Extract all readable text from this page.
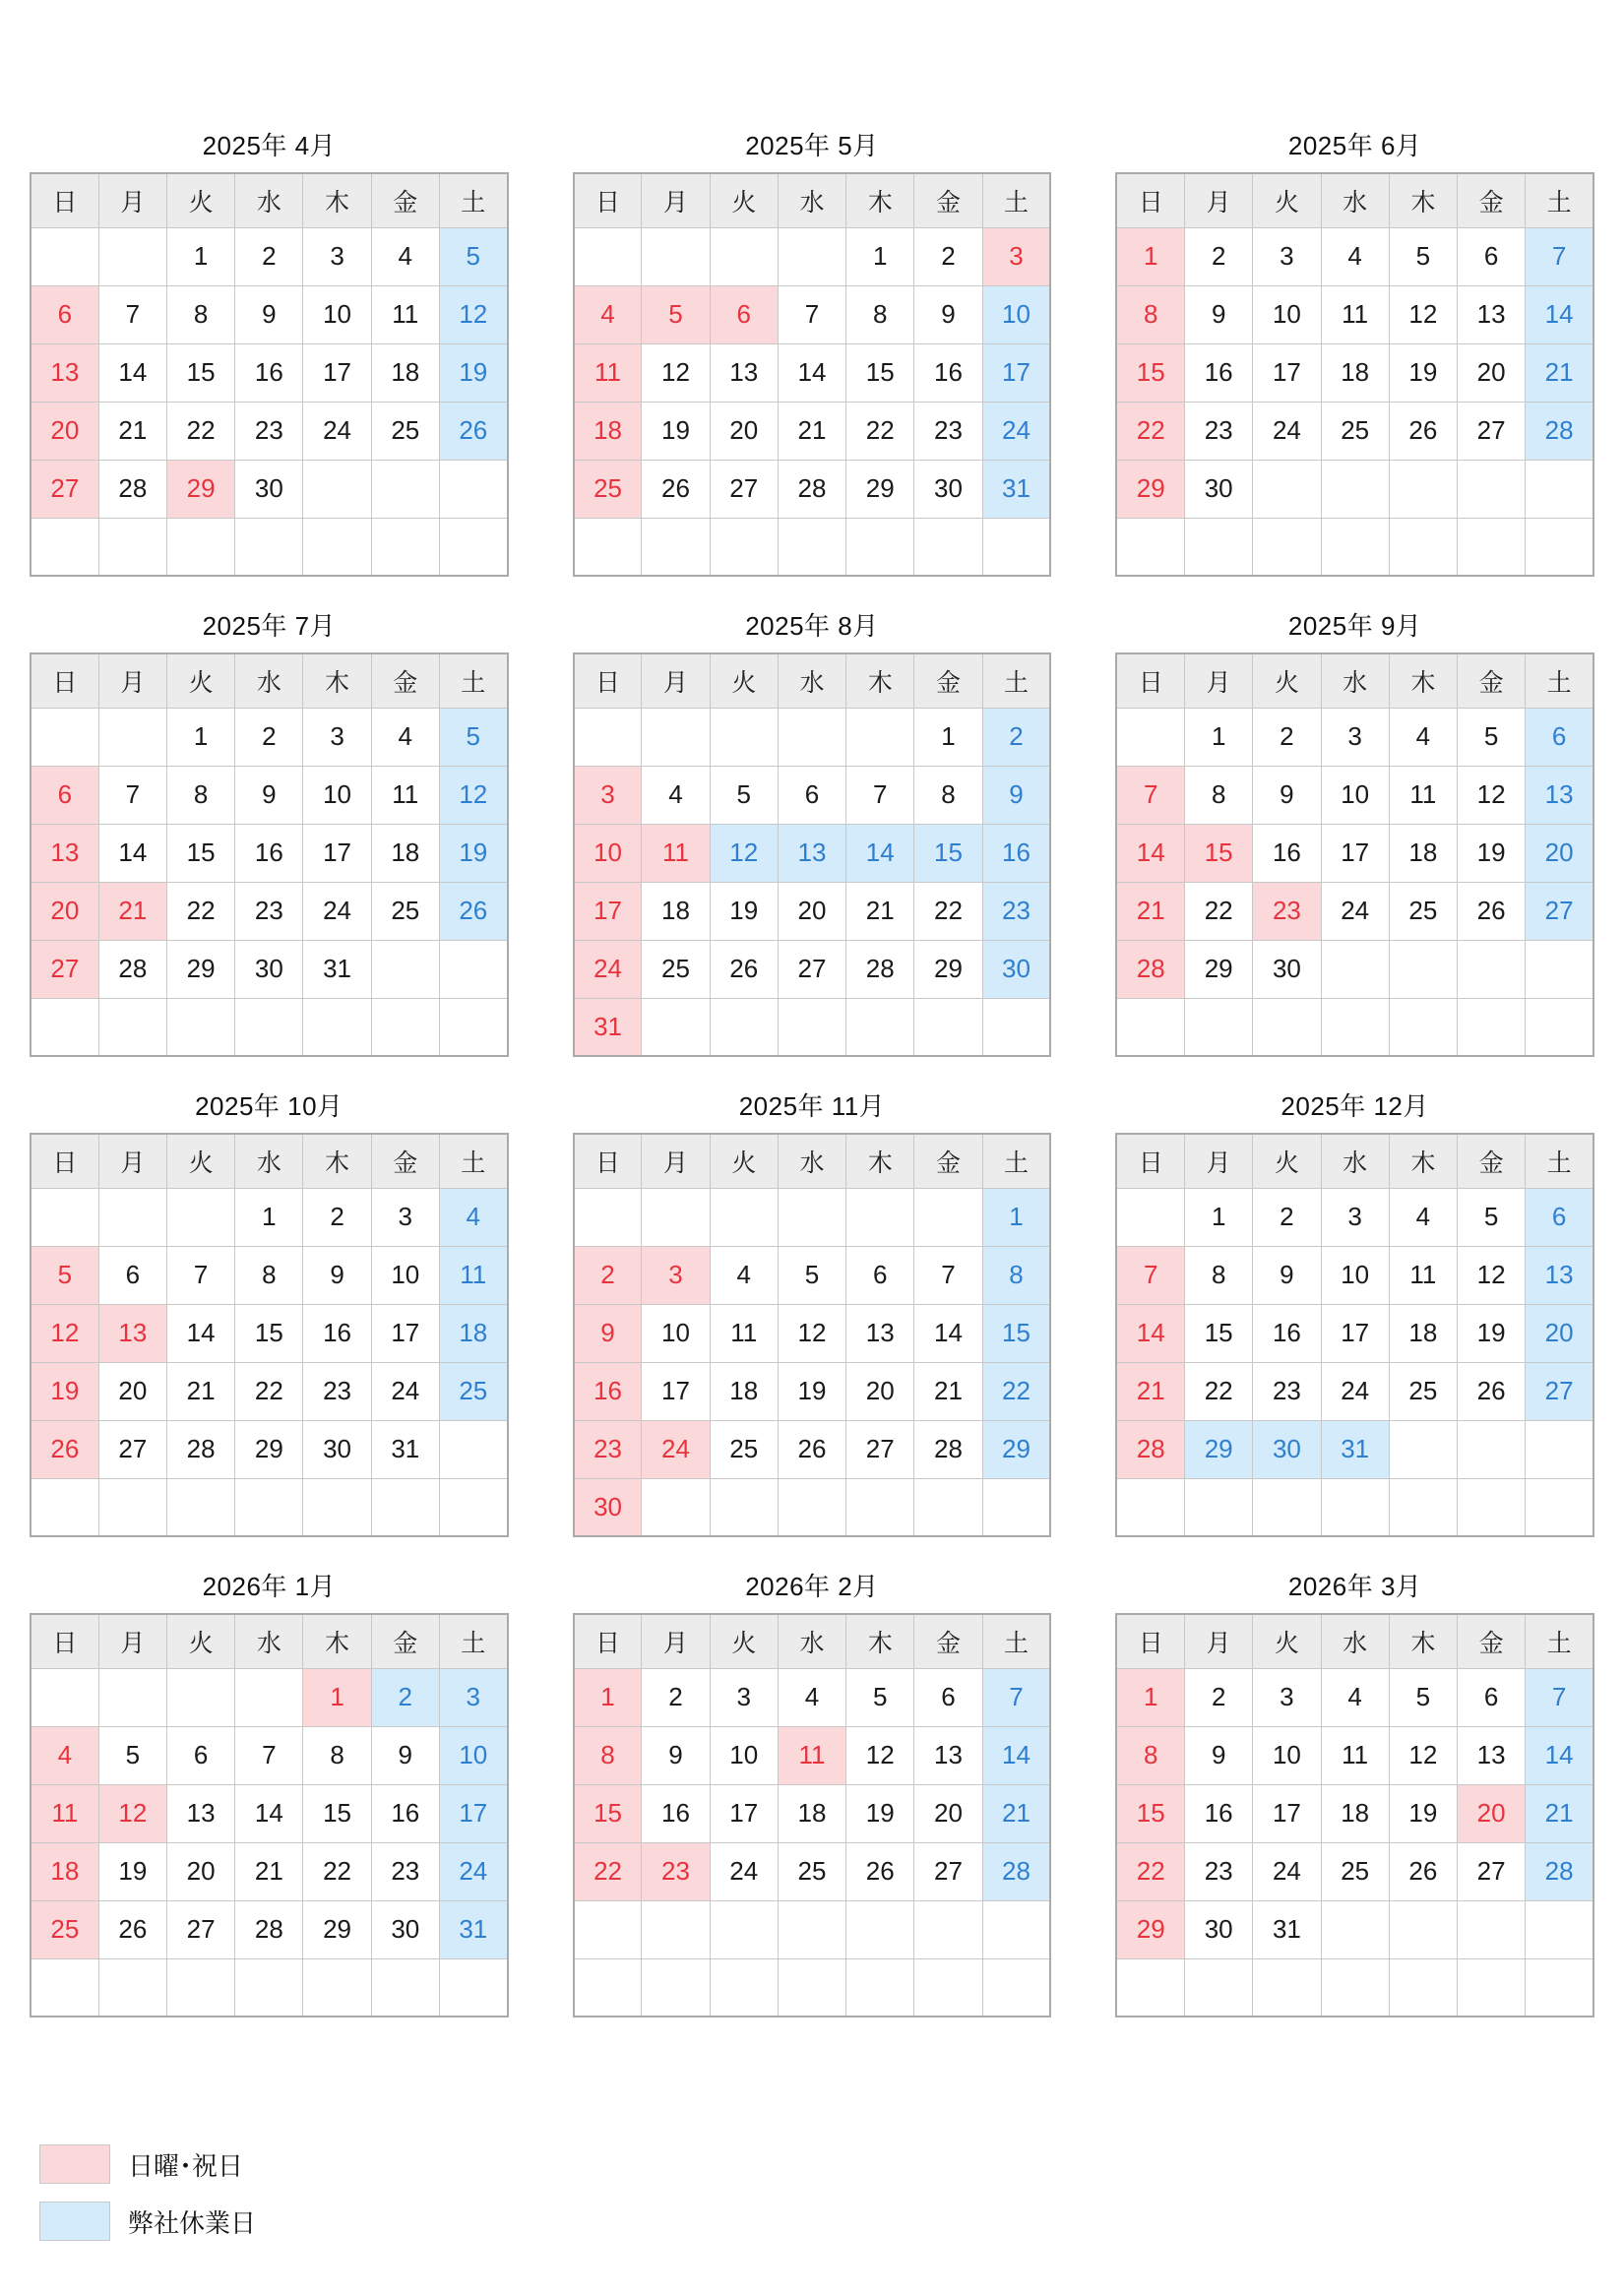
2025年 4月
日	月	火	水	木	金	土
		1	2	3	4	5
6	7	8	9	10	11	12
13	14	15	16	17	18	19
20	21	22	23	24	25	26
27	28	29	30			

2025年 5月
日	月	火	水	木	金	土
				1	2	3
4	5	6	7	8	9	10
11	12	13	14	15	16	17
18	19	20	21	22	23	24
25	26	27	28	29	30	31

2025年 6月
日	月	火	水	木	金	土
1	2	3	4	5	6	7
8	9	10	11	12	13	14
15	16	17	18	19	20	21
22	23	24	25	26	27	28
29	30					

2025年 7月
日	月	火	水	木	金	土
		1	2	3	4	5
6	7	8	9	10	11	12
13	14	15	16	17	18	19
20	21	22	23	24	25	26
27	28	29	30	31		

2025年 8月
日	月	火	水	木	金	土
					1	2
3	4	5	6	7	8	9
10	11	12	13	14	15	16
17	18	19	20	21	22	23
24	25	26	27	28	29	30
31						
2025年 9月
日	月	火	水	木	金	土
	1	2	3	4	5	6
7	8	9	10	11	12	13
14	15	16	17	18	19	20
21	22	23	24	25	26	27
28	29	30				

2025年 10月
日	月	火	水	木	金	土
			1	2	3	4
5	6	7	8	9	10	11
12	13	14	15	16	17	18
19	20	21	22	23	24	25
26	27	28	29	30	31	

2025年 11月
日	月	火	水	木	金	土
						1
2	3	4	5	6	7	8
9	10	11	12	13	14	15
16	17	18	19	20	21	22
23	24	25	26	27	28	29
30						
2025年 12月
日	月	火	水	木	金	土
	1	2	3	4	5	6
7	8	9	10	11	12	13
14	15	16	17	18	19	20
21	22	23	24	25	26	27
28	29	30	31			

2026年 1月
日	月	火	水	木	金	土
				1	2	3
4	5	6	7	8	9	10
11	12	13	14	15	16	17
18	19	20	21	22	23	24
25	26	27	28	29	30	31

2026年 2月
日	月	火	水	木	金	土
1	2	3	4	5	6	7
8	9	10	11	12	13	14
15	16	17	18	19	20	21
22	23	24	25	26	27	28

2026年 3月
日	月	火	水	木	金	土
1	2	3	4	5	6	7
8	9	10	11	12	13	14
15	16	17	18	19	20	21
22	23	24	25	26	27	28
29	30	31				

日曜･祝日
弊社休業日
